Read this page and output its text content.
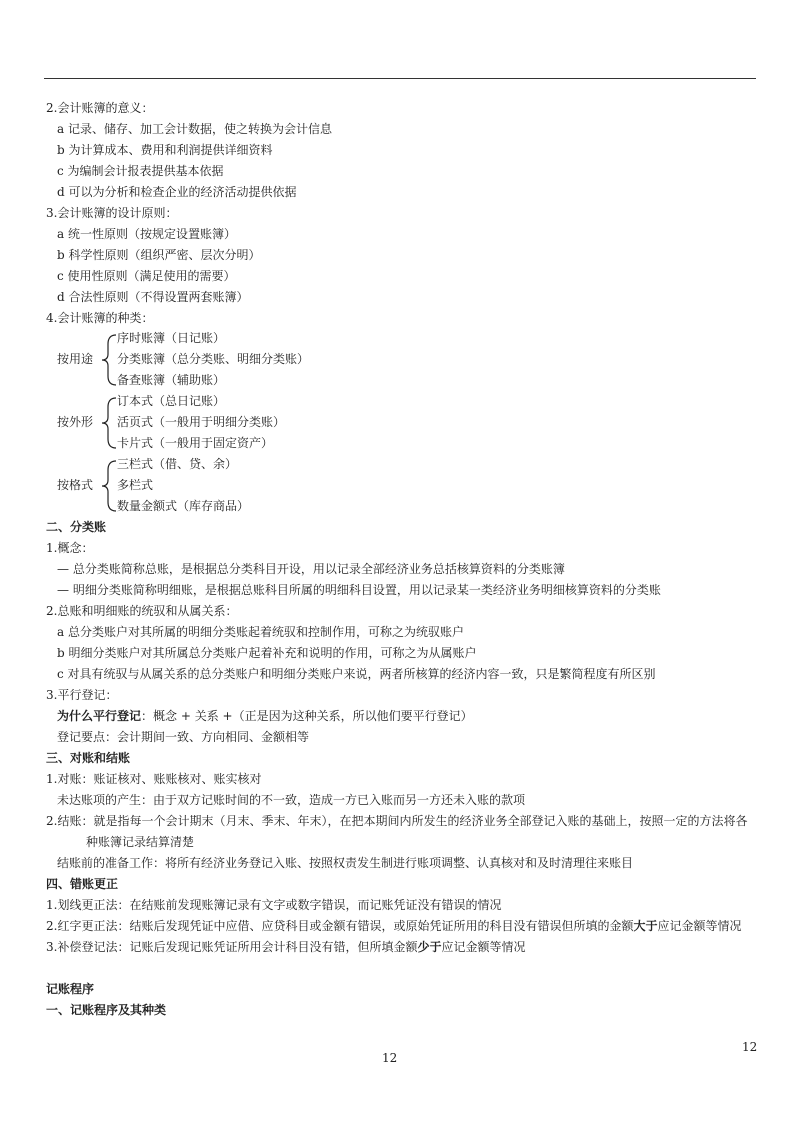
2.会计账簿的意义：
a 记录、储存、加工会计数据，使之转换为会计信息
b 为计算成本、费用和利润提供详细资料
c 为编制会计报表提供基本依据
d 可以为分析和检查企业的经济活动提供依据
3.会计账簿的设计原则：
a 统一性原则（按规定设置账簿）
b 科学性原则（组织严密、层次分明）
c 使用性原则（满足使用的需要）
d 合法性原则（不得设置两套账簿）
4.会计账簿的种类：
按用途
序时账簿（日记账）
分类账簿（总分类账、明细分类账）
备查账簿（辅助账）
按外形
订本式（总日记账）
活页式（一般用于明细分类账）
卡片式（一般用于固定资产）
按格式
三栏式（借、贷、余）
多栏式
数量金额式（库存商品）
二、分类账
1.概念：
— 总分类账简称总账，是根据总分类科目开设，用以记录全部经济业务总括核算资料的分类账簿
— 明细分类账简称明细账，是根据总账科目所属的明细科目设置，用以记录某一类经济业务明细核算资料的分类账
2.总账和明细账的统驭和从属关系：
a 总分类账户对其所属的明细分类账起着统驭和控制作用，可称之为统驭账户
b 明细分类账户对其所属总分类账户起着补充和说明的作用，可称之为从属账户
c 对具有统驭与从属关系的总分类账户和明细分类账户来说，两者所核算的经济内容一致，只是繁简程度有所区别
3.平行登记：
为什么平行登记：概念 + 关系 +（正是因为这种关系，所以他们要平行登记）
登记要点：会计期间一致、方向相同、金额相等
三、对账和结账
1.对账：账证核对、账账核对、账实核对
未达账项的产生：由于双方记账时间的不一致，造成一方已入账而另一方还未入账的款项
2.结账：就是指每一个会计期末（月末、季末、年末），在把本期间内所发生的经济业务全部登记入账的基础上，按照一定的方法将各
种账簿记录结算清楚
结账前的准备工作：将所有经济业务登记入账、按照权责发生制进行账项调整、认真核对和及时清理往来账目
四、错账更正
1.划线更正法：在结账前发现账簿记录有文字或数字错误，而记账凭证没有错误的情况
2.红字更正法：结账后发现凭证中应借、应贷科目或金额有错误，或原始凭证所用的科目没有错误但所填的金额大于应记金额等情况
3.补偿登记法：记账后发现记账凭证所用会计科目没有错，但所填金额少于应记金额等情况
记账程序
一、记账程序及其种类
12
12
